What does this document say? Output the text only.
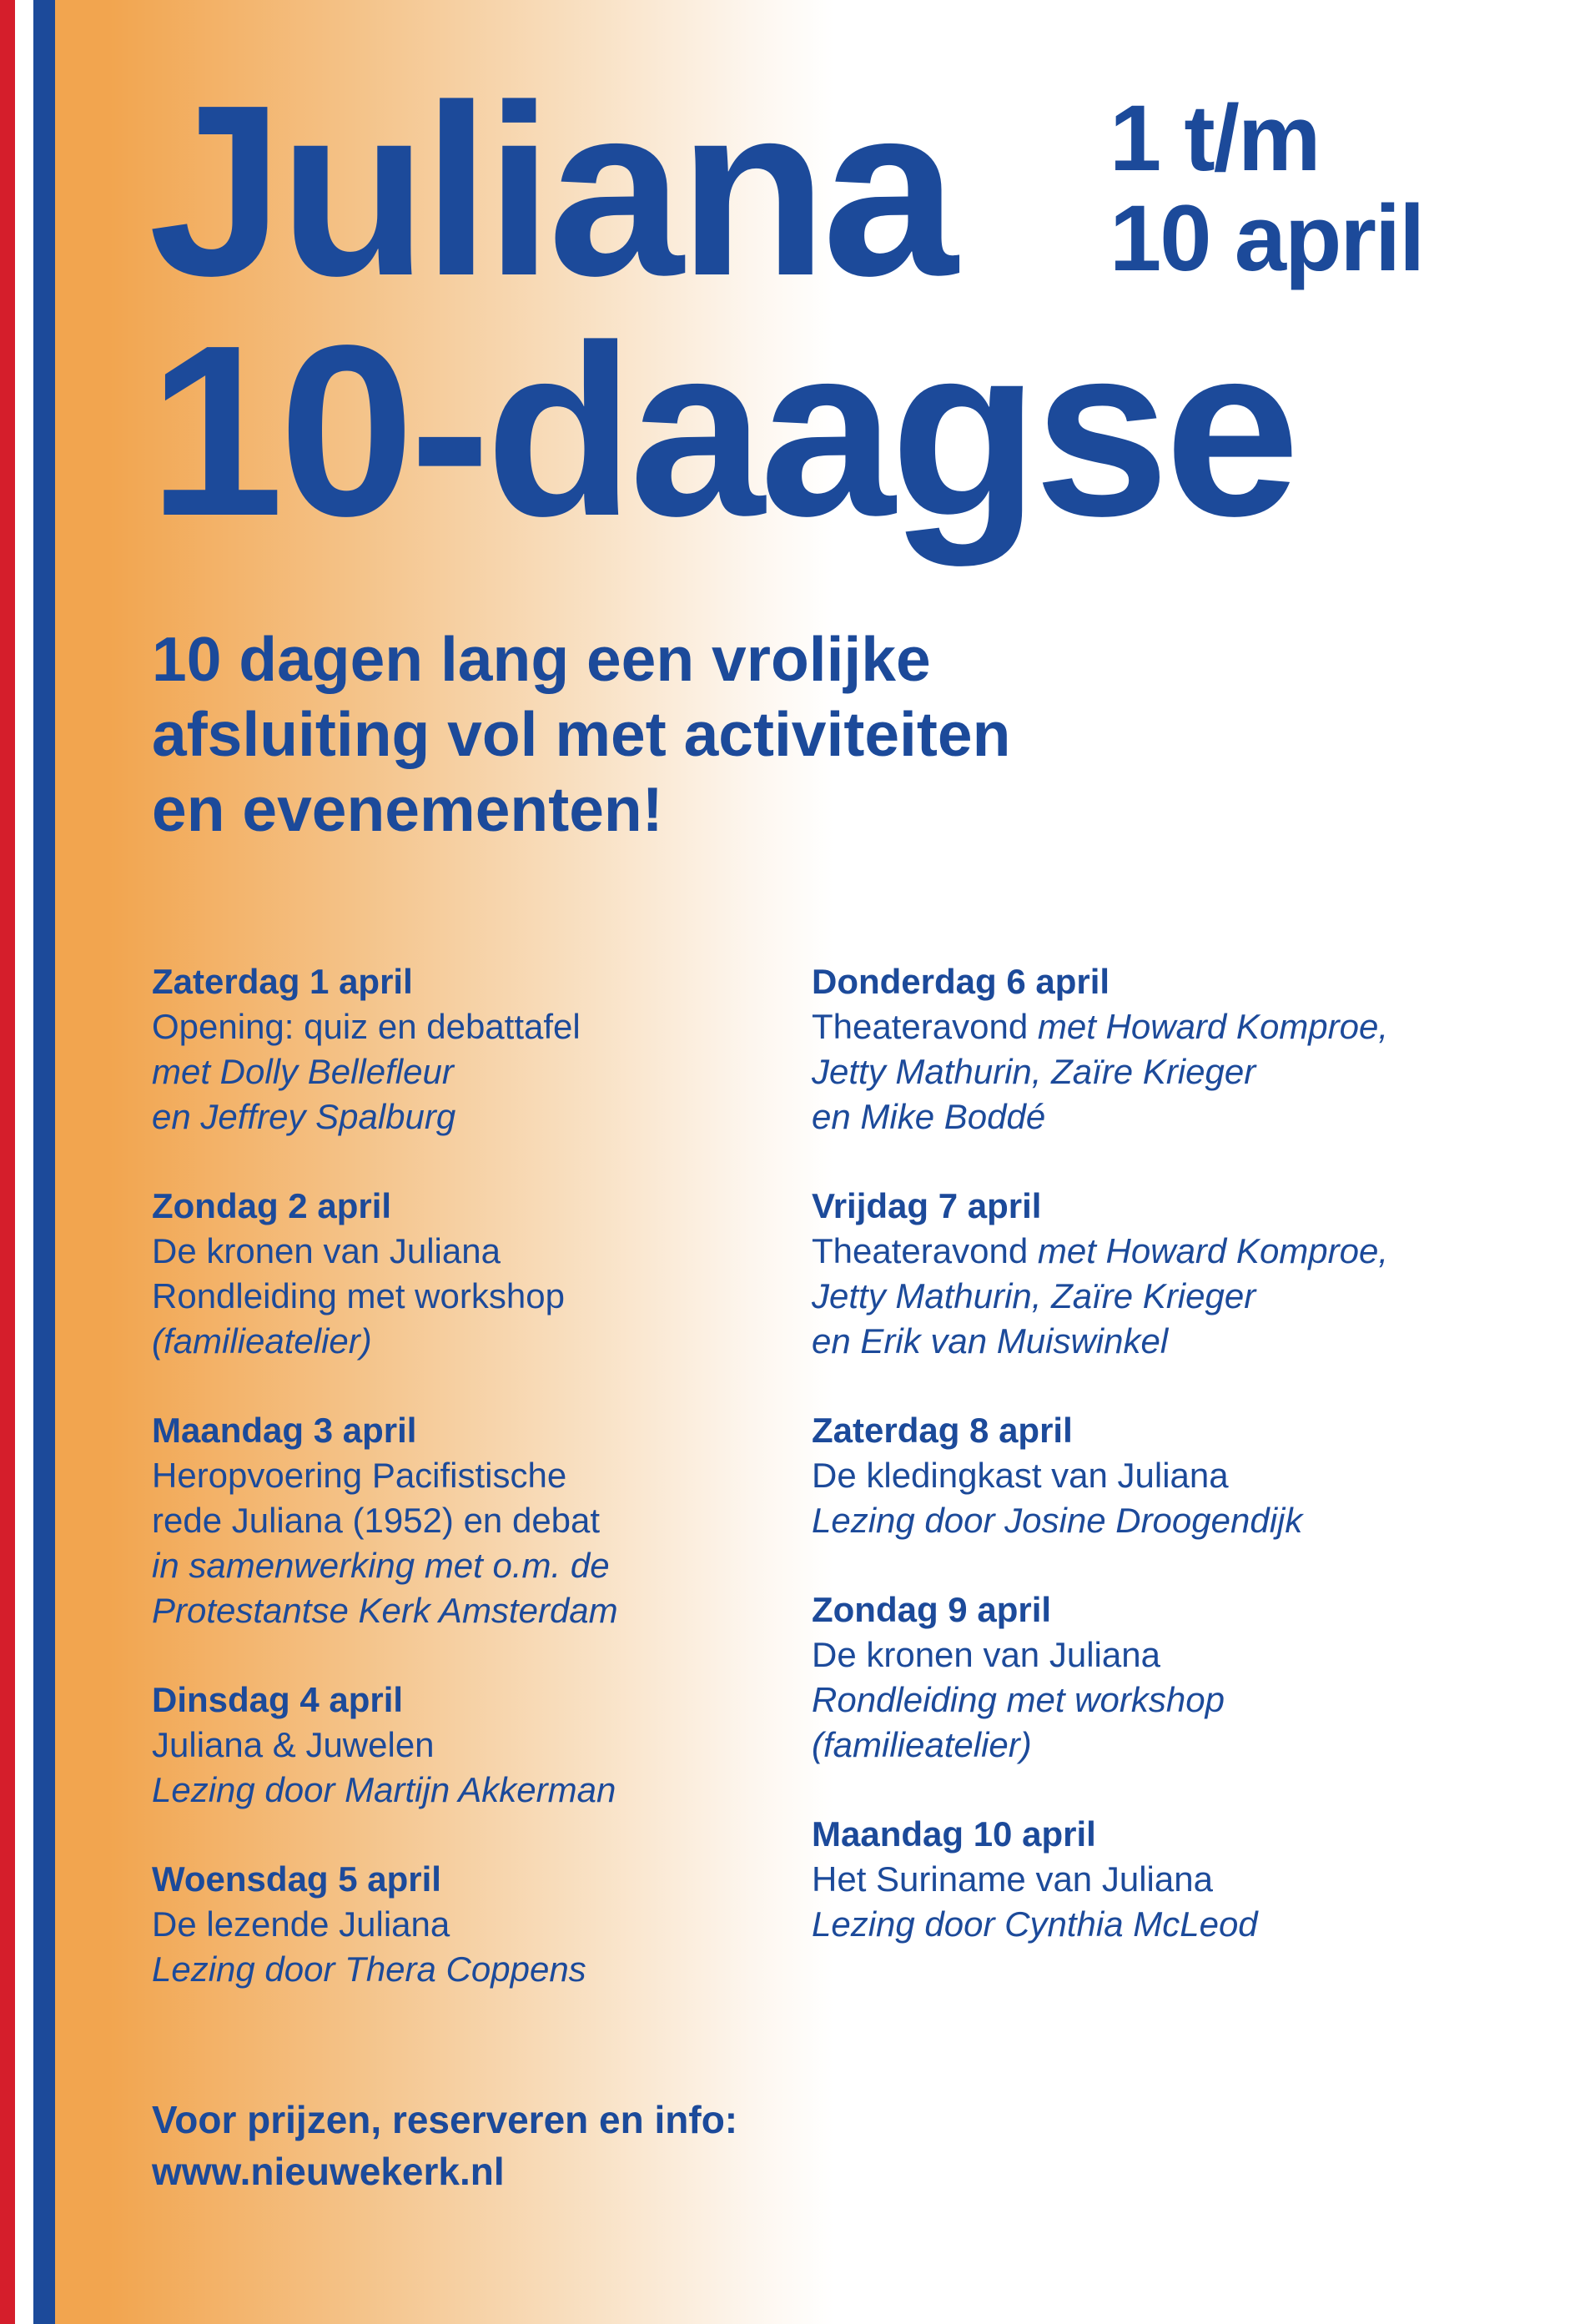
Juliana
10-daagse
1 t/m
10 april
10 dagen lang een vrolijke
afsluiting vol met activiteiten
en evenementen!
Zaterdag 1 april
Opening: quiz en debattafel
met Dolly Bellefleur
en Jeffrey Spalburg
Zondag 2 april
De kronen van Juliana
Rondleiding met workshop
(familieatelier)
Maandag 3 april
Heropvoering Pacifistische
rede Juliana (1952) en debat
in samenwerking met o.m. de
Protestantse Kerk Amsterdam
Dinsdag 4 april
Juliana & Juwelen
Lezing door Martijn Akkerman
Woensdag 5 april
De lezende Juliana
Lezing door Thera Coppens
Donderdag 6 april
Theateravond met Howard Komproe,
Jetty Mathurin, Zaïre Krieger
en Mike Boddé
Vrijdag 7 april
Theateravond met Howard Komproe,
Jetty Mathurin, Zaïre Krieger
en Erik van Muiswinkel
Zaterdag 8 april
De kledingkast van Juliana
Lezing door Josine Droogendijk
Zondag 9 april
De kronen van Juliana
Rondleiding met workshop
(familieatelier)
Maandag 10 april
Het Suriname van Juliana
Lezing door Cynthia McLeod
Voor prijzen, reserveren en info:
www.nieuwekerk.nl
